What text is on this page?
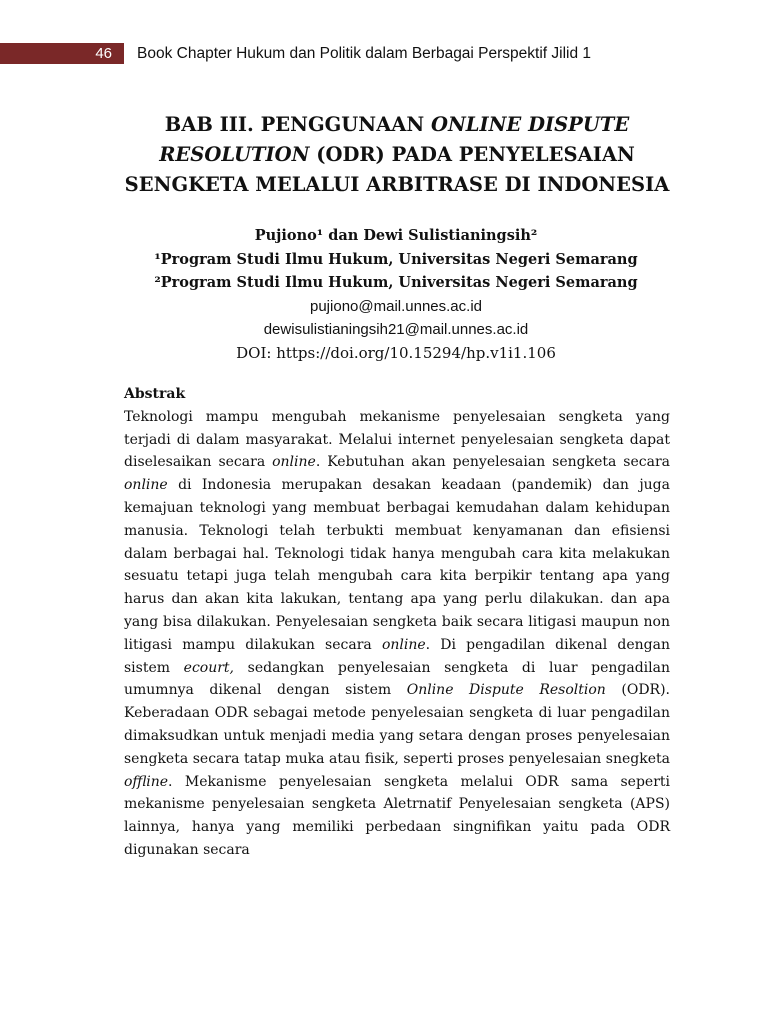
46	Book Chapter Hukum dan Politik dalam Berbagai Perspektif Jilid 1
BAB III. PENGGUNAAN ONLINE DISPUTE RESOLUTION (ODR) PADA PENYELESAIAN SENGKETA MELALUI ARBITRASE DI INDONESIA
Pujiono¹ dan Dewi Sulistianingsih²
¹Program Studi Ilmu Hukum, Universitas Negeri Semarang
²Program Studi Ilmu Hukum, Universitas Negeri Semarang
pujiono@mail.unnes.ac.id
dewisulistianingsih21@mail.unnes.ac.id
DOI: https://doi.org/10.15294/hp.v1i1.106

Abstrak

Teknologi mampu mengubah mekanisme penyelesaian sengketa yang terjadi di dalam masyarakat. Melalui internet penyelesaian sengketa dapat diselesaikan secara online. Kebutuhan akan penyelesaian sengketa secara online di Indonesia merupakan desakan keadaan (pandemik) dan juga kemajuan teknologi yang membuat berbagai kemudahan dalam kehidupan manusia. Teknologi telah terbukti membuat kenyamanan dan efisiensi dalam berbagai hal. Teknologi tidak hanya mengubah cara kita melakukan sesuatu tetapi juga telah mengubah cara kita berpikir tentang apa yang harus dan akan kita lakukan, tentang apa yang perlu dilakukan. dan apa yang bisa dilakukan. Penyelesaian sengketa baik secara litigasi maupun non litigasi mampu dilakukan secara online. Di pengadilan dikenal dengan sistem ecourt, sedangkan penyelesaian sengketa di luar pengadilan umumnya dikenal dengan sistem Online Dispute Resoltion (ODR). Keberadaan ODR sebagai metode penyelesaian sengketa di luar pengadilan dimaksudkan untuk menjadi media yang setara dengan proses penyelesaian sengketa secara tatap muka atau fisik, seperti proses penyelesaian snegketa offline. Mekanisme penyelesaian sengketa melalui ODR sama seperti mekanisme penyelesaian sengketa Aletrnatif Penyelesaian sengketa (APS) lainnya, hanya yang memiliki perbedaan singnifikan yaitu pada ODR digunakan secara
